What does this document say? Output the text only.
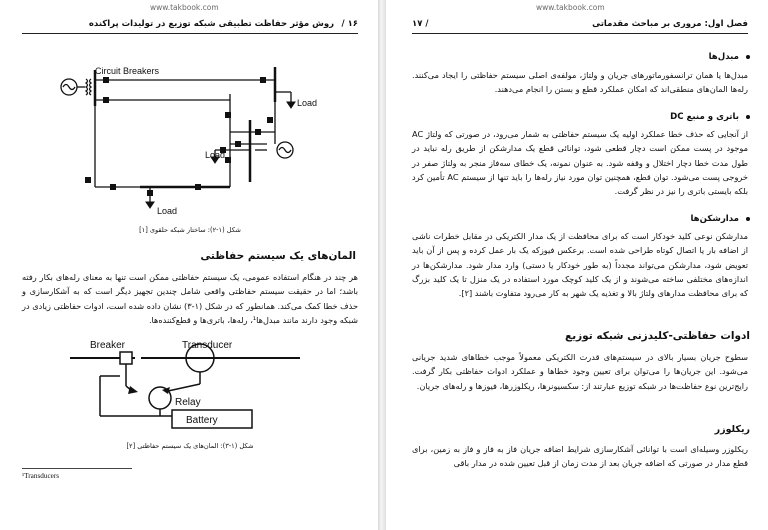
www.takbook.com
۱۶ /
روش مؤثر حفاظت تطبیقی شبکه توزیع در تولیدات پراکنده
Circuit Breakers
Load
Load
Load
شکل (۱-۲): ساختار شبکه حلقوی [۱]
المان‌های یک سیستم حفاظتی
هر چند در هنگام استفاده عمومی، یک سیستم حفاظتی ممکن است تنها به معنای رله‌های بکار رفته باشد؛ اما در حقیقت سیستم حفاظتی واقعی شامل چندین تجهیز دیگر است که به آشکارسازی و حذف خطا کمک می‌کند. همانطور که در شکل (۱-۳) نشان داده شده است، ادوات حفاظتی زیادی در شبکه وجود دارند مانند مبدل‌ها¹، رله‌ها، باتری‌ها و قطع‌کننده‌ها.
Breaker	Transducer
Relay
Battery
شکل (۱-۳): المان‌های یک سیستم حفاظتی [۲]
¹Transducers
www.takbook.com
/ ۱۷	فصل اول: مروری بر مباحث مقدماتی
مبدل‌ها
مبدل‌ها یا همان ترانسفورماتورهای جریان و ولتاژ، مولفه‌ی اصلی سیستم حفاظتی را ایجاد می‌کنند. رله‌ها المان‌های منطقی‌اند که امکان عملکرد قطع و بستن را انجام می‌دهند.
باتری و منبع DC
از آنجایی که حذف خطا عملکرد اولیه یک سیستم حفاظتی به شمار می‌رود، در صورتی که ولتاژ AC موجود در پست ممکن است دچار قطعی شود، توانائی قطع یک مدارشکن از طریق رله نباید در طول مدت خطا دچار اختلال و وقفه شود. به عنوان نمونه، یک خطای سه‌فاز منجر به ولتاژ صفر در خروجی پست می‌شود. توان قطع، همچنین توان مورد نیاز رله‌ها را باید تنها از سیستم AC تأمین کرد بلکه بایستی باتری را نیز در نظر گرفت.
مدارشکن‌ها
مدارشکن نوعی کلید خودکار است که برای محافظت از یک مدار الکتریکی در مقابل خطرات ناشی از اضافه بار یا اتصال کوتاه طراحی شده است. برعکس فیوزکه یک بار عمل کرده و پس از آن باید تعویض شود، مدارشکن می‌تواند مجدداً (به طور خودکار یا دستی) وارد مدار شود. مدارشکن‌ها در اندازه‌های مختلفی ساخته می‌شوند و از یک کلید کوچک مورد استفاده در یک منزل تا یک کلید بزرگ که برای محافظت مدارهای ولتاژ بالا و تغذیه یک شهر به کار می‌رود متفاوت باشند [۲].
ادوات حفاظتی-کلیدزنی شبکه توزیع
سطوح جریان بسیار بالای در سیستم‌های قدرت الکتریکی معمولاً موجب خطاهای شدید جریانی می‌شود. این جریان‌ها را می‌توان برای تعیین وجود خطاها و عملکرد ادوات حفاظتی بکار گرفت. رایج‌ترین نوع حفاظت‌ها در شبکه توزیع عبارتند از: سکسیونرها، ریکلوزرها، فیوزها و رله‌های جریان.
ریکلوزر
ریکلوزر وسیله‌ای است با توانائی آشکارسازی شرایط اضافه جریان فاز به فاز و فاز به زمین، برای قطع مدار در صورتی که اضافه جریان بعد از مدت زمان از قبل تعیین شده در مدار باقی
